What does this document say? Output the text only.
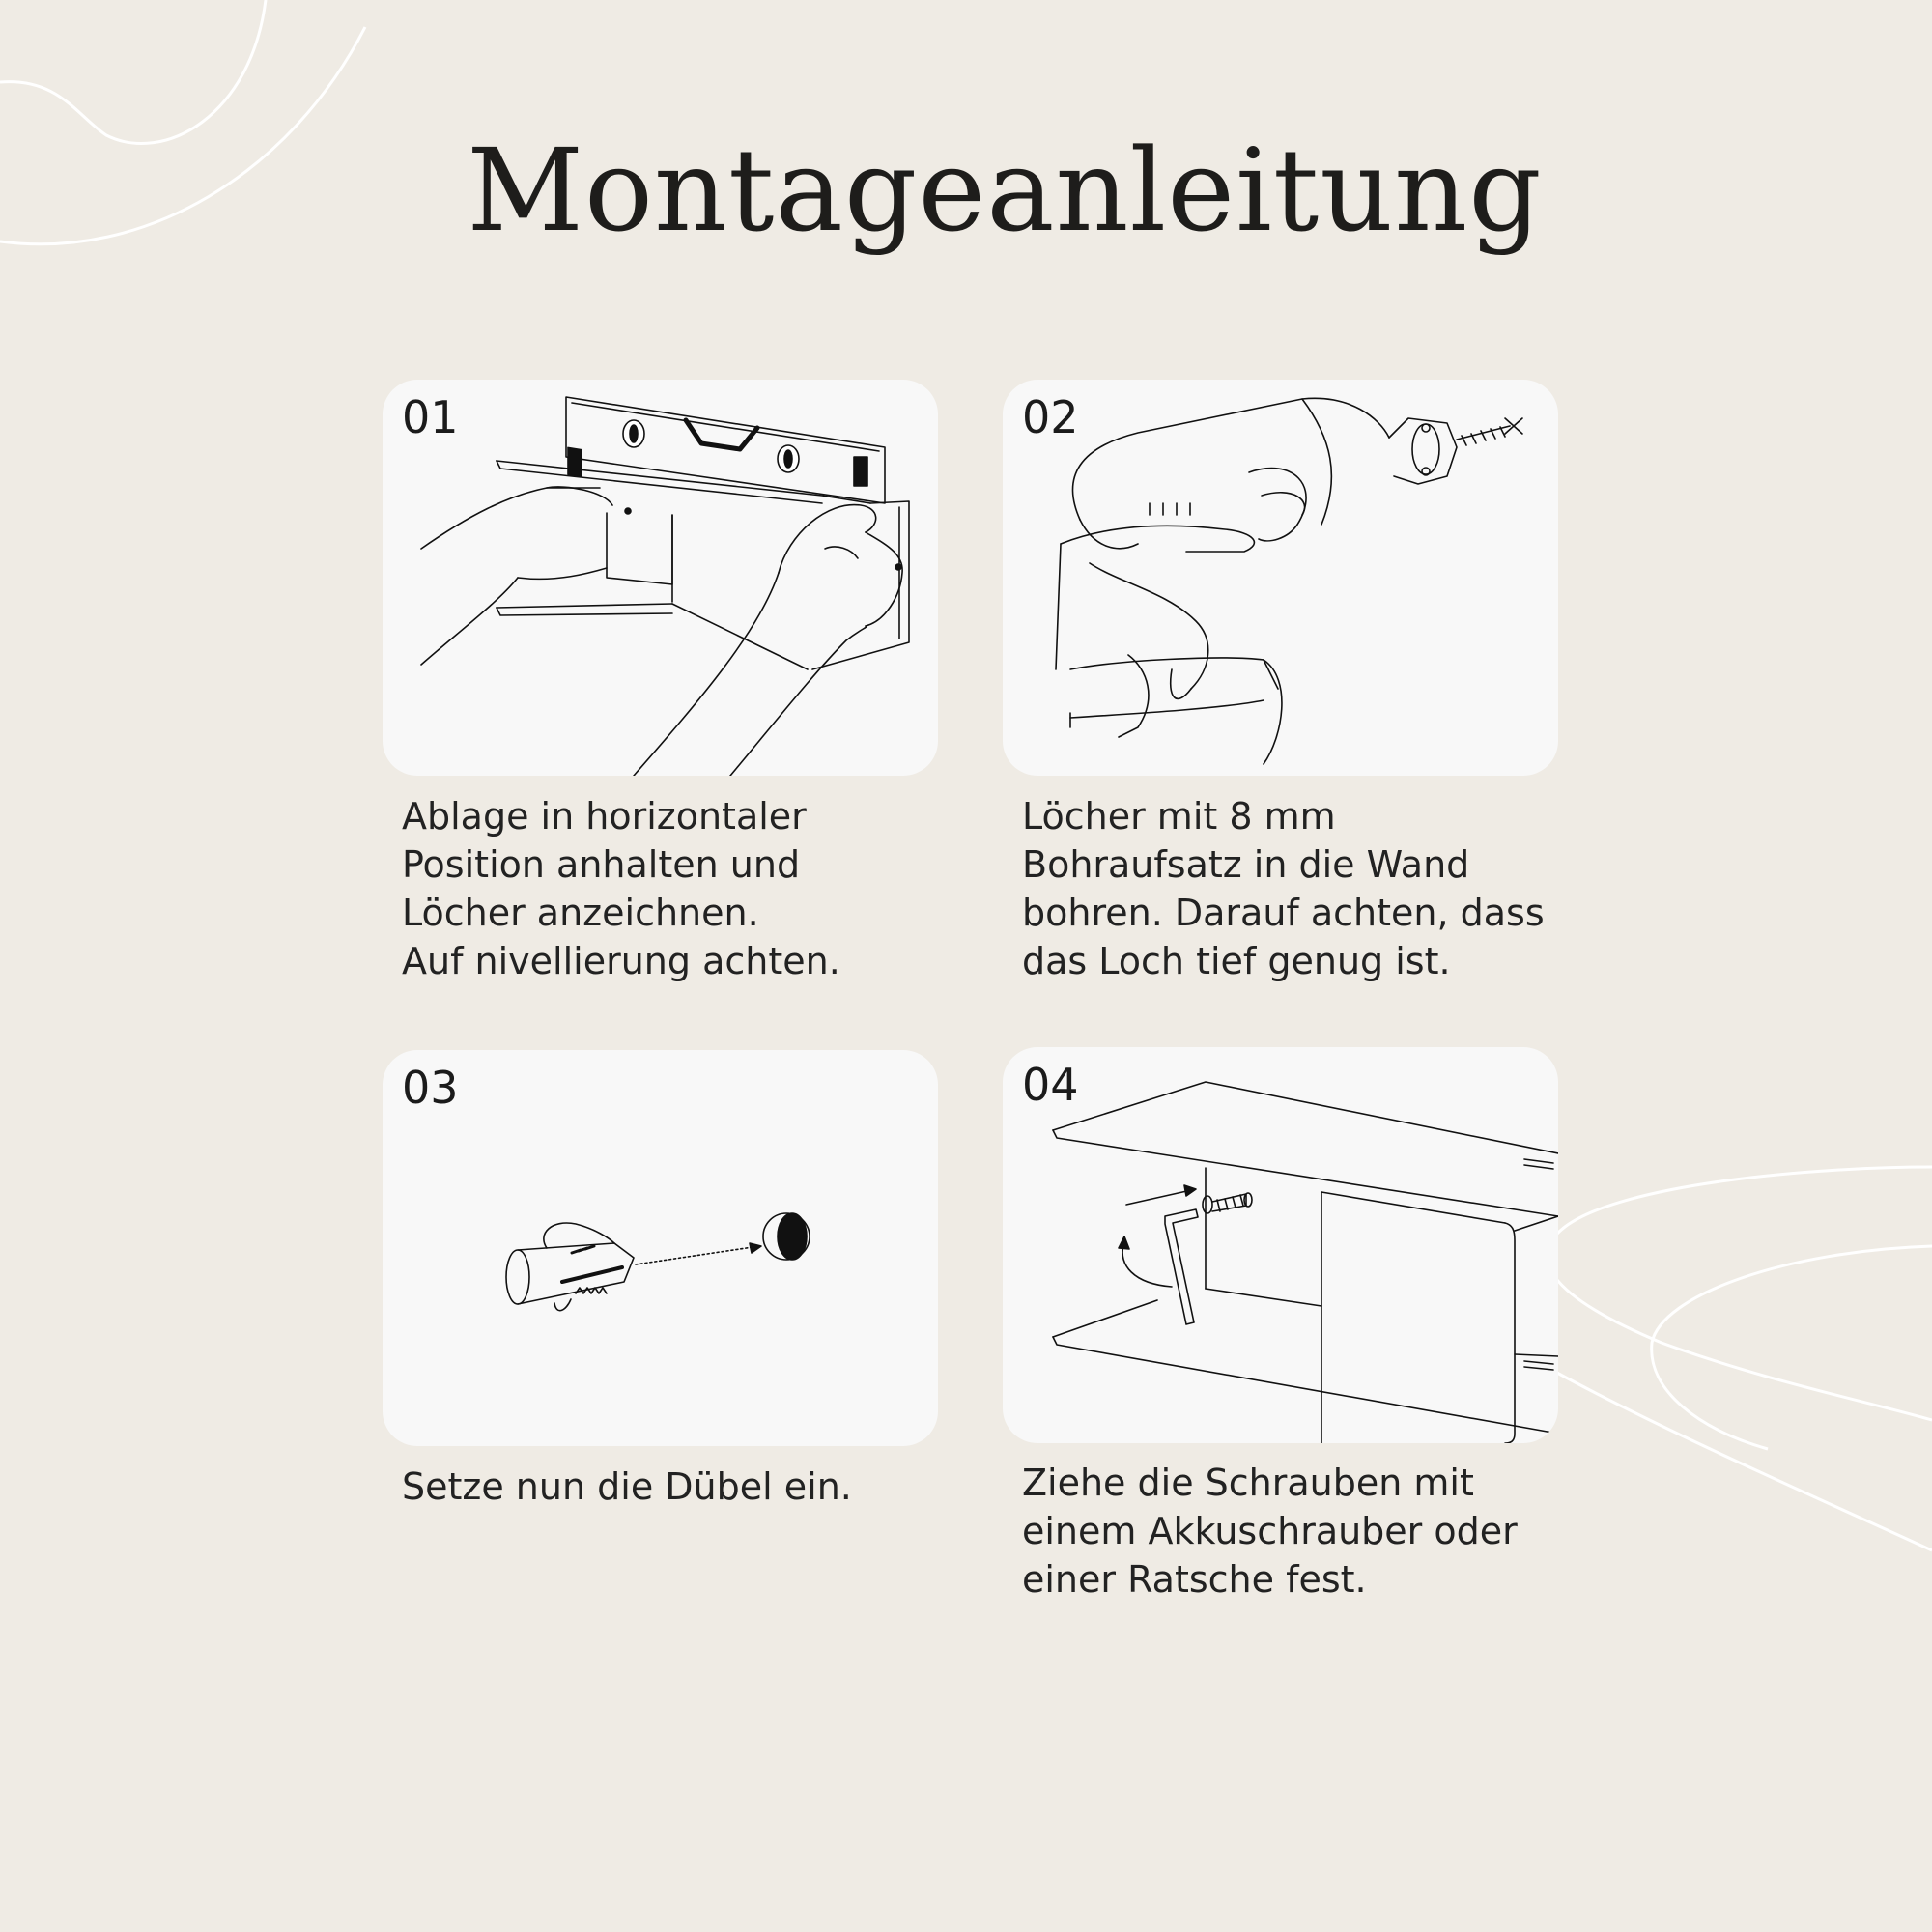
Montageanleitung
01

Ablage in horizontaler
Position anhalten und
Löcher anzeichnen.
Auf nivellierung achten.

02

Löcher mit 8 mm
Bohraufsatz in die Wand
bohren. Darauf achten, dass
das Loch tief genug ist.

03

Setze nun die Dübel ein.

04

Ziehe die Schrauben mit
einem Akkuschrauber oder
einer Ratsche fest.
